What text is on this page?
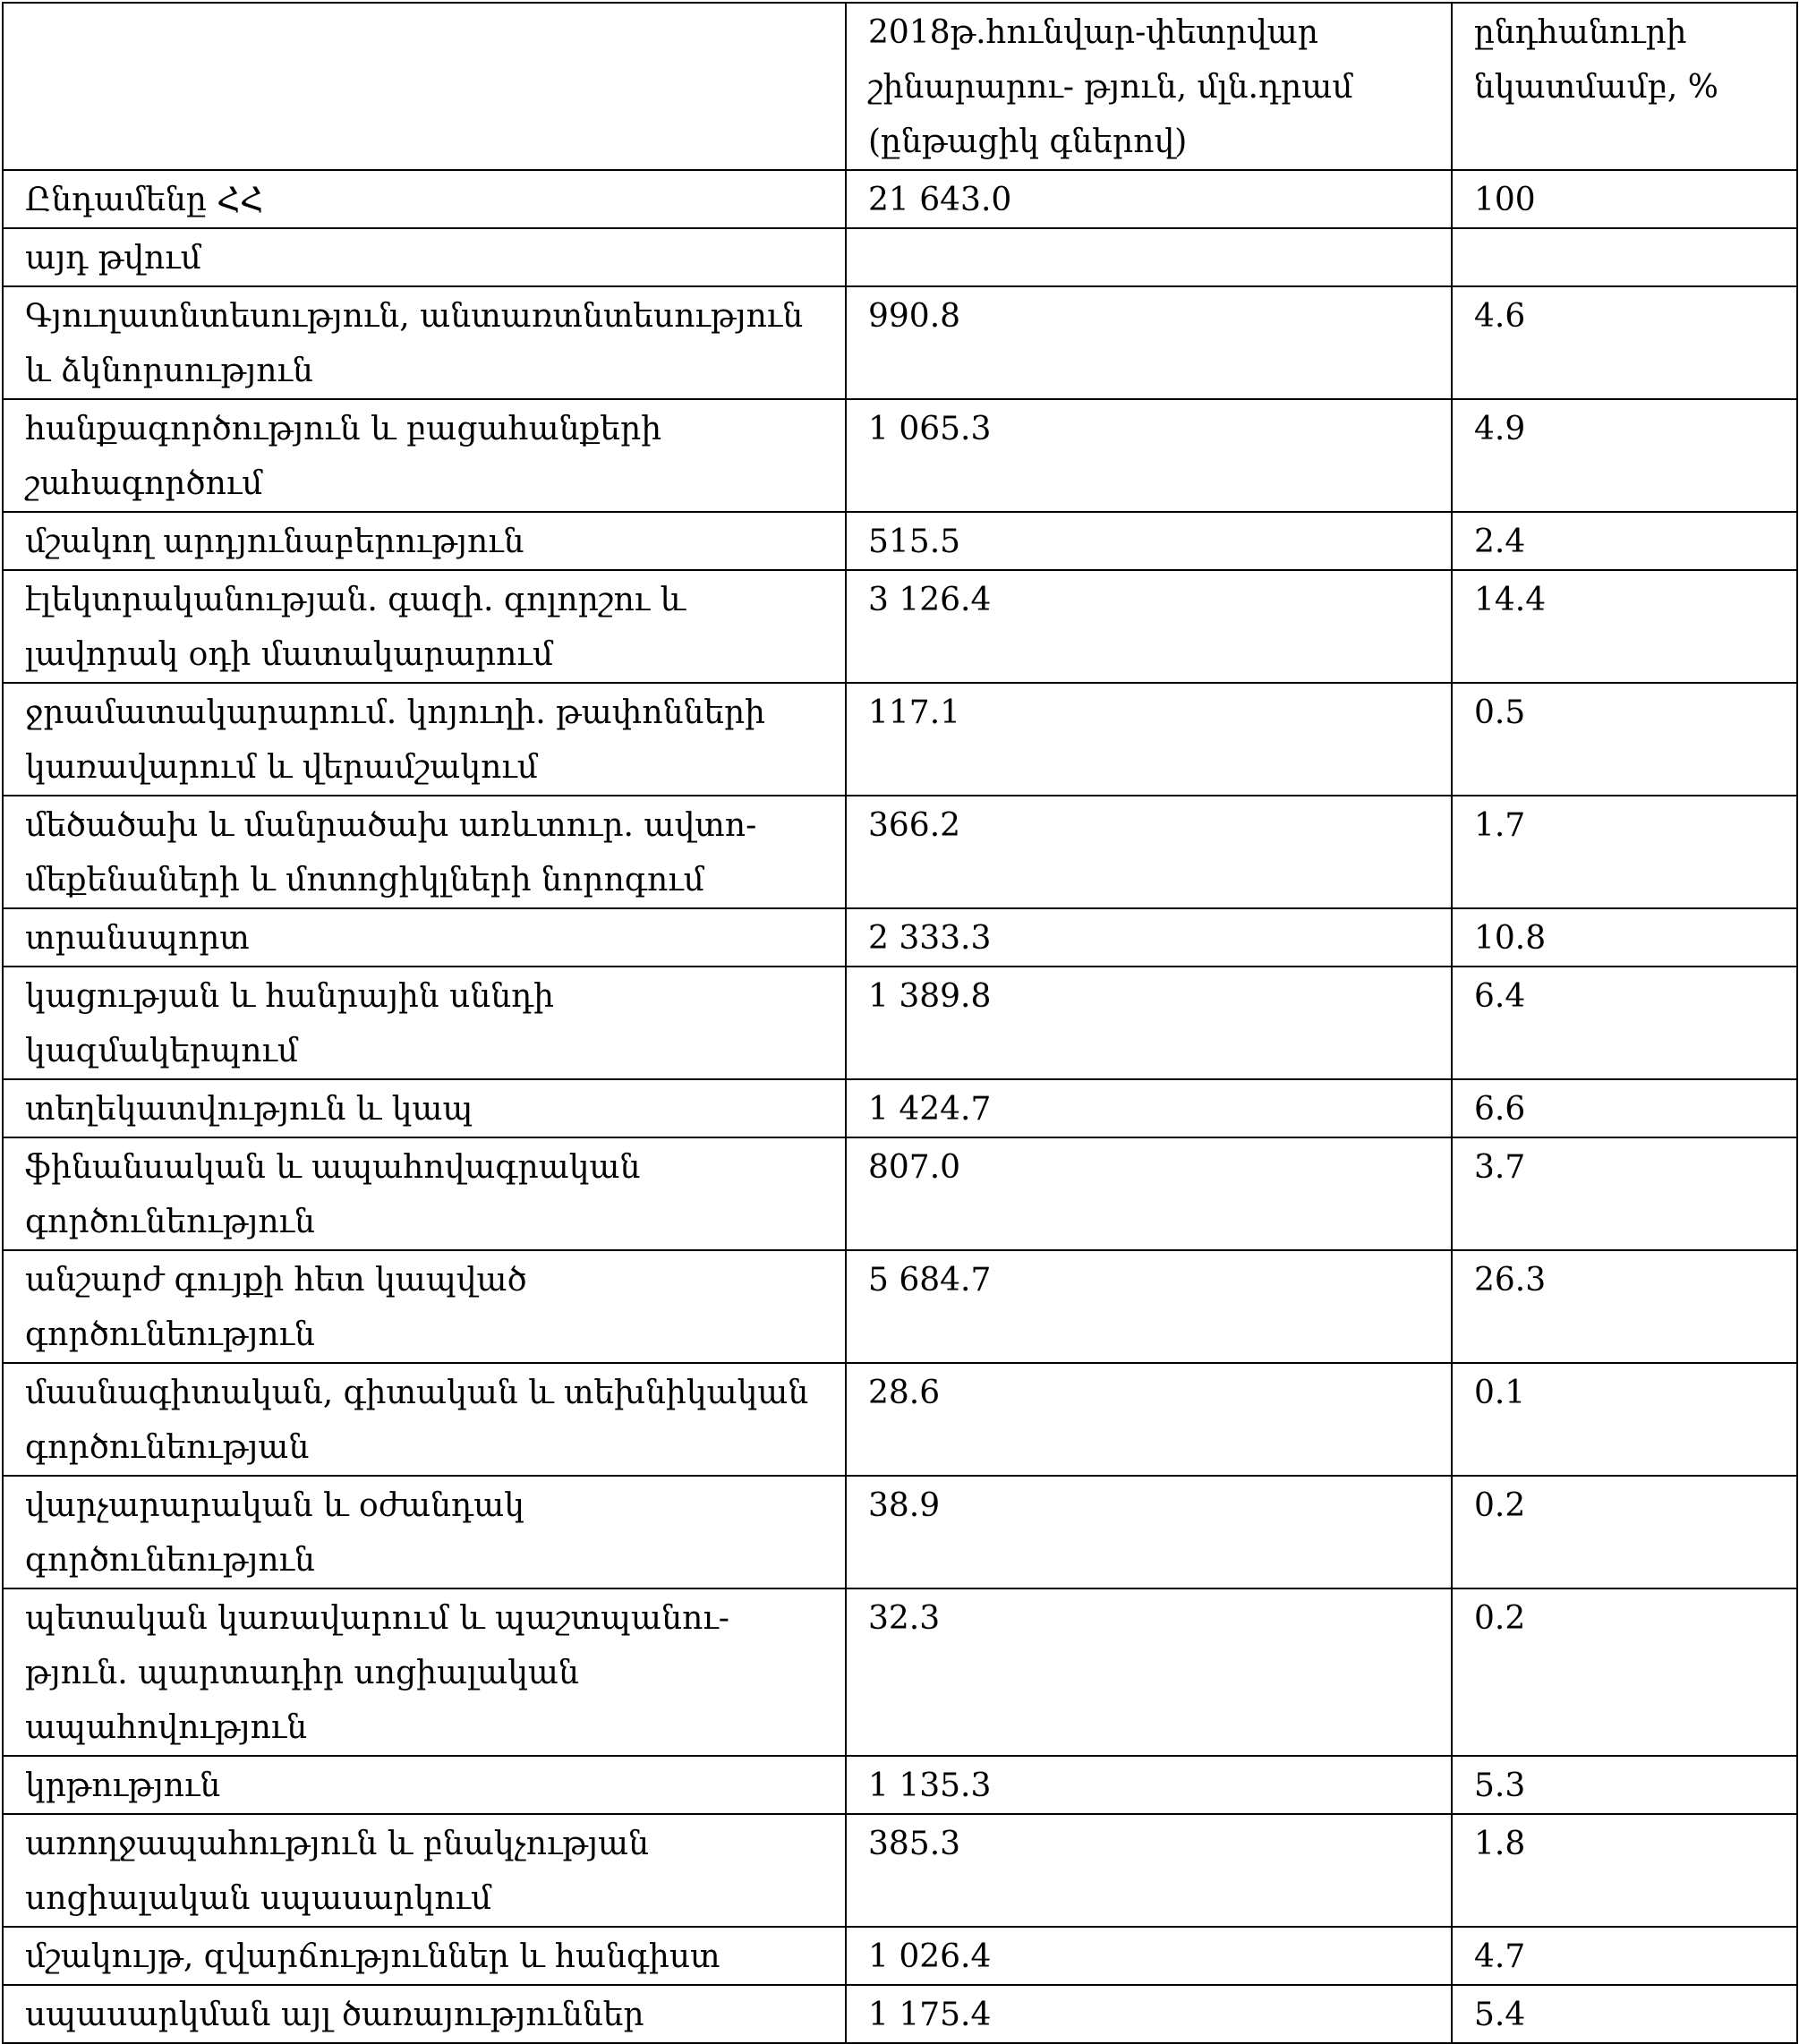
	2018թ.հունվար-փետրվար շինարարու- թյուն, մլն.դրամ (ընթացիկ գներով)	ընդհանուրի նկատմամբ, %
Ընդամենը ՀՀ	21 643.0	100
այդ թվում		
Գյուղատնտեսություն, անտառտնտեսություն և ձկնորսություն	990.8	4.6
հանքագործություն և բացահանքերի շահագործում	1 065.3	4.9
մշակող արդյունաբերություն	515.5	2.4
էլեկտրականության. գազի. գոլորշու և լավորակ օդի մատակարարում	3 126.4	14.4
ջրամատակարարում. կոյուղի. թափոնների կառավարում և վերամշակում	117.1	0.5
մեծածախ և մանրածախ առևտուր. ավտո- մեքենաների և մոտոցիկլների նորոգում	366.2	1.7
տրանսպորտ	2 333.3	10.8
կացության և հանրային սննդի կազմակերպում	1 389.8	6.4
տեղեկատվություն և կապ	1 424.7	6.6
ֆինանսական և ապահովագրական գործունեություն	807.0	3.7
անշարժ գույքի հետ կապված գործունեություն	5 684.7	26.3
մասնագիտական, գիտական և տեխնիկական գործունեության	28.6	0.1
վարչարարական և օժանդակ գործունեություն	38.9	0.2
պետական կառավարում և պաշտպանու- թյուն. պարտադիր սոցիալական ապահովություն	32.3	0.2
կրթություն	1 135.3	5.3
առողջապահություն և բնակչության սոցիալական սպասարկում	385.3	1.8
մշակույթ, զվարճություններ և հանգիստ	1 026.4	4.7
սպասարկման այլ ծառայություններ	1 175.4	5.4
